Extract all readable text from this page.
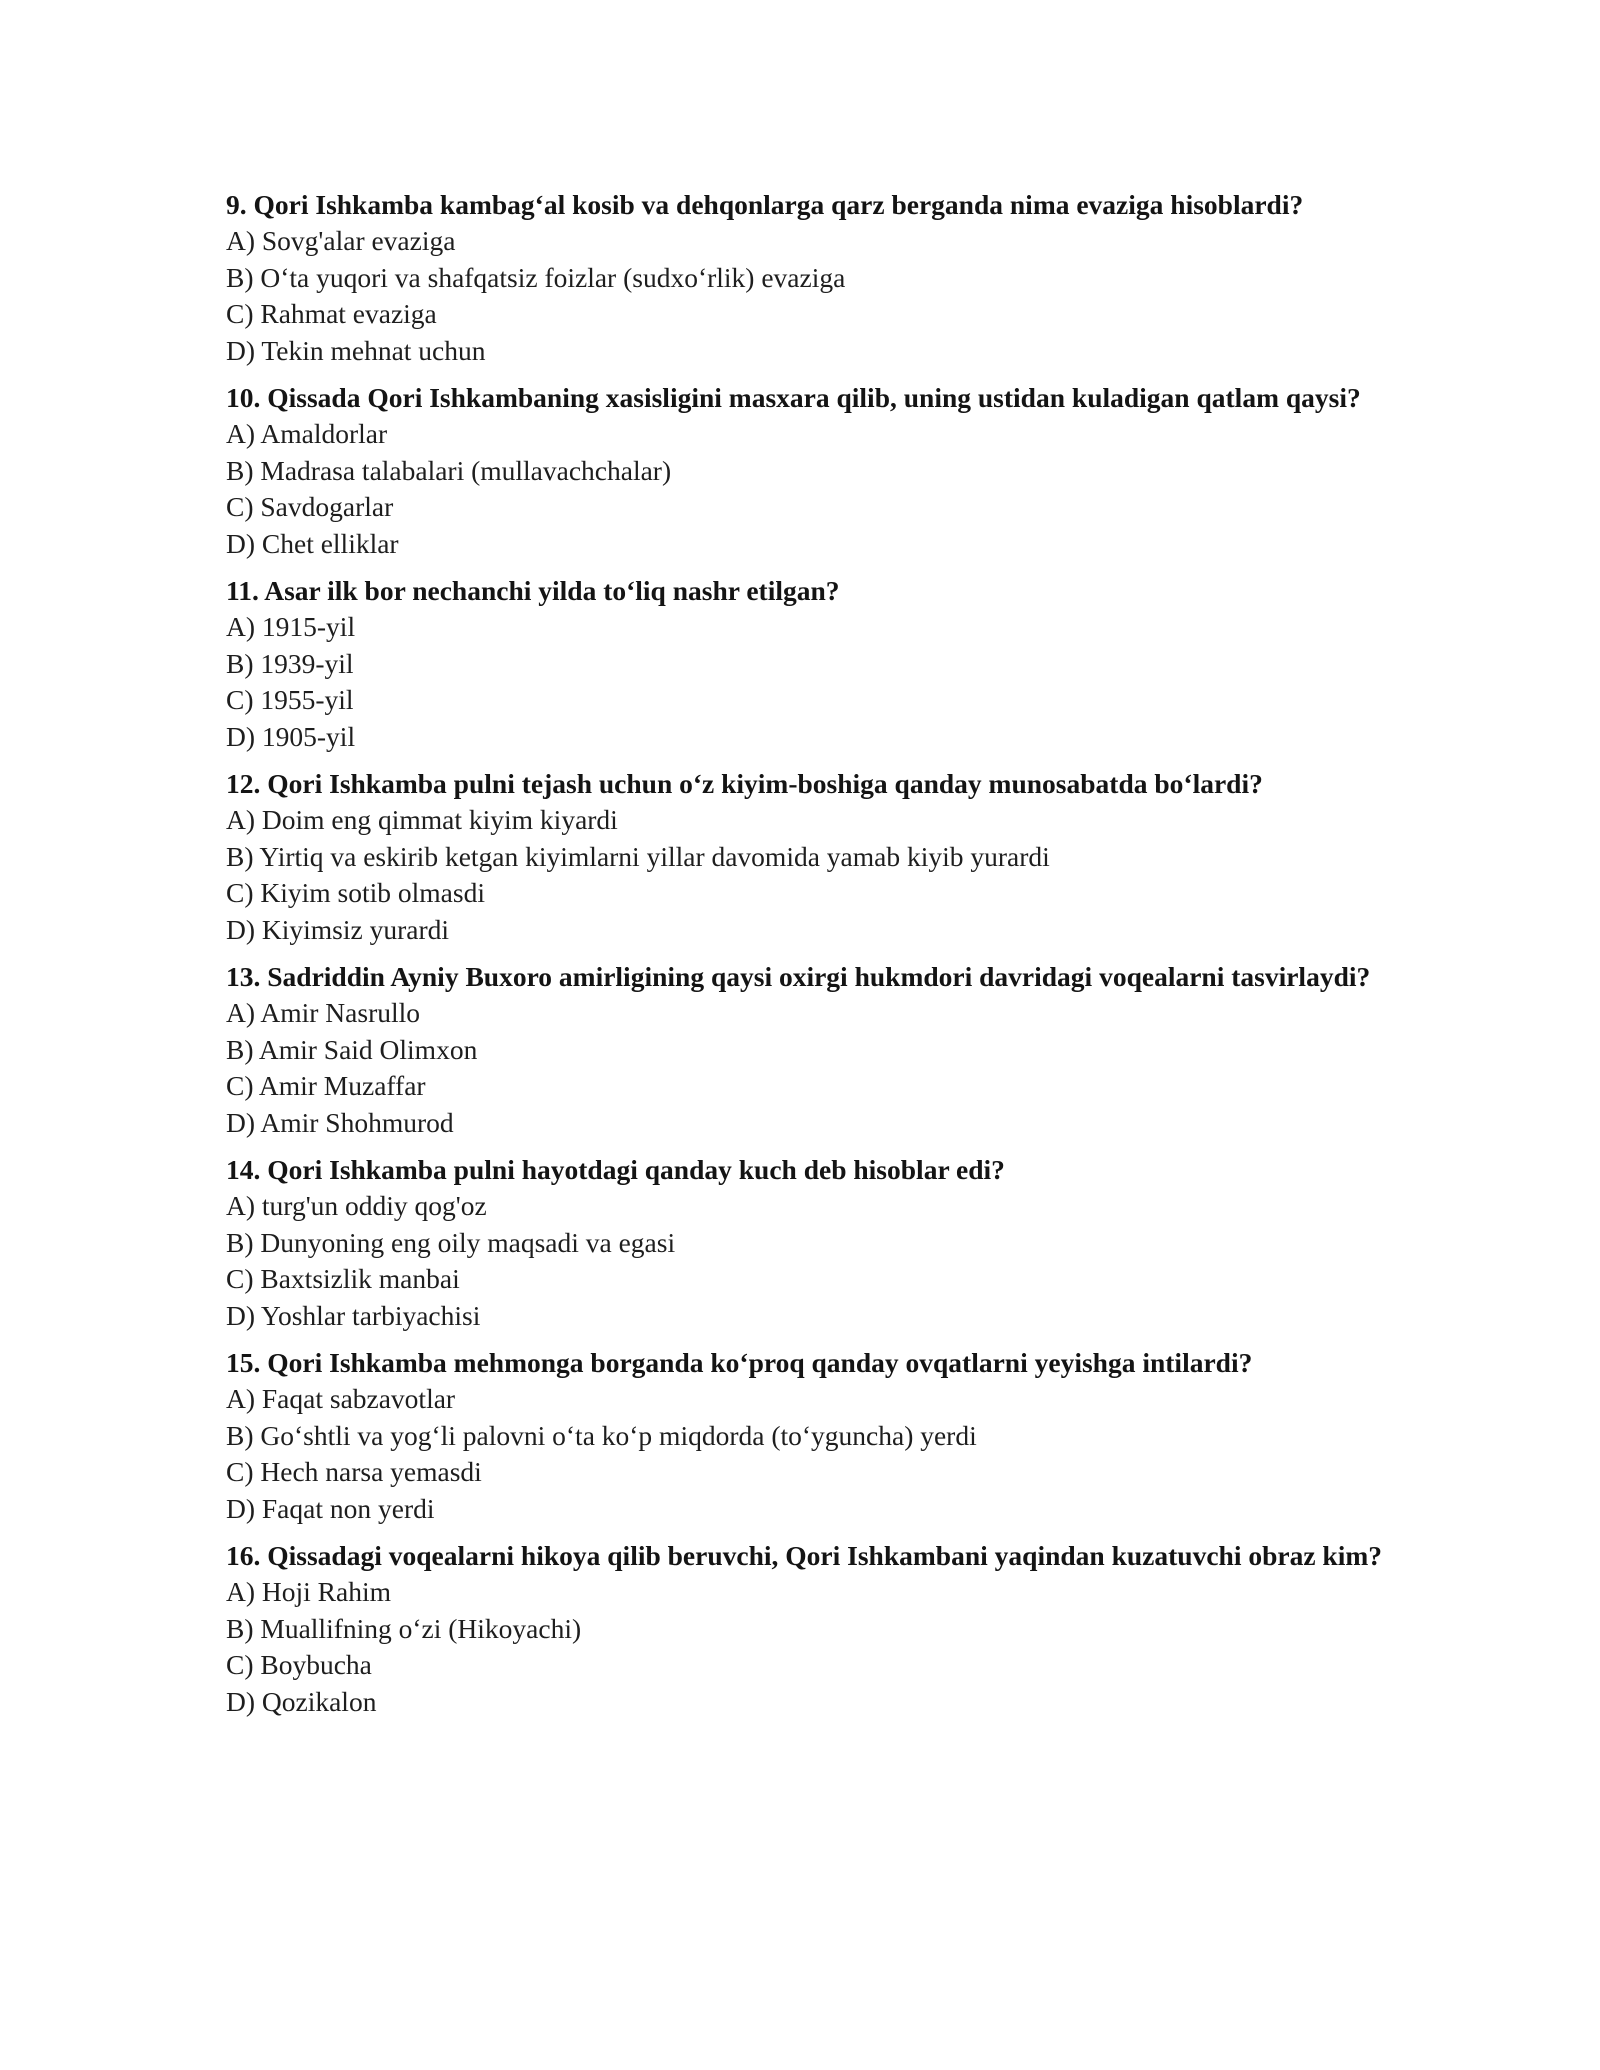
9. Qori Ishkamba kambag‘al kosib va dehqonlarga qarz berganda nima evaziga hisoblardi?

A) Sovg'alar evaziga

B) O‘ta yuqori va shafqatsiz foizlar (sudxo‘rlik) evaziga

C) Rahmat evaziga

D) Tekin mehnat uchun

10. Qissada Qori Ishkambaning xasisligini masxara qilib, uning ustidan kuladigan qatlam qaysi?

A) Amaldorlar

B) Madrasa talabalari (mullavachchalar)

C) Savdogarlar

D) Chet elliklar

11. Asar ilk bor nechanchi yilda to‘liq nashr etilgan?

A) 1915-yil

B) 1939-yil

C) 1955-yil

D) 1905-yil

12. Qori Ishkamba pulni tejash uchun o‘z kiyim-boshiga qanday munosabatda bo‘lardi?

A) Doim eng qimmat kiyim kiyardi

B) Yirtiq va eskirib ketgan kiyimlarni yillar davomida yamab kiyib yurardi

C) Kiyim sotib olmasdi

D) Kiyimsiz yurardi

13. Sadriddin Ayniy Buxoro amirligining qaysi oxirgi hukmdori davridagi voqealarni tasvirlaydi?

A) Amir Nasrullo

B) Amir Said Olimxon

C) Amir Muzaffar

D) Amir Shohmurod

14. Qori Ishkamba pulni hayotdagi qanday kuch deb hisoblar edi?

A) turg'un oddiy qog'oz

B) Dunyoning eng oily maqsadi va egasi

C) Baxtsizlik manbai

D) Yoshlar tarbiyachisi

15. Qori Ishkamba mehmonga borganda ko‘proq qanday ovqatlarni yeyishga intilardi?

A) Faqat sabzavotlar

B) Go‘shtli va yog‘li palovni o‘ta ko‘p miqdorda (to‘yguncha) yerdi

C) Hech narsa yemasdi

D) Faqat non yerdi

16. Qissadagi voqealarni hikoya qilib beruvchi, Qori Ishkambani yaqindan kuzatuvchi obraz kim?

A) Hoji Rahim

B) Muallifning o‘zi (Hikoyachi)

C) Boybucha

D) Qozikalon
